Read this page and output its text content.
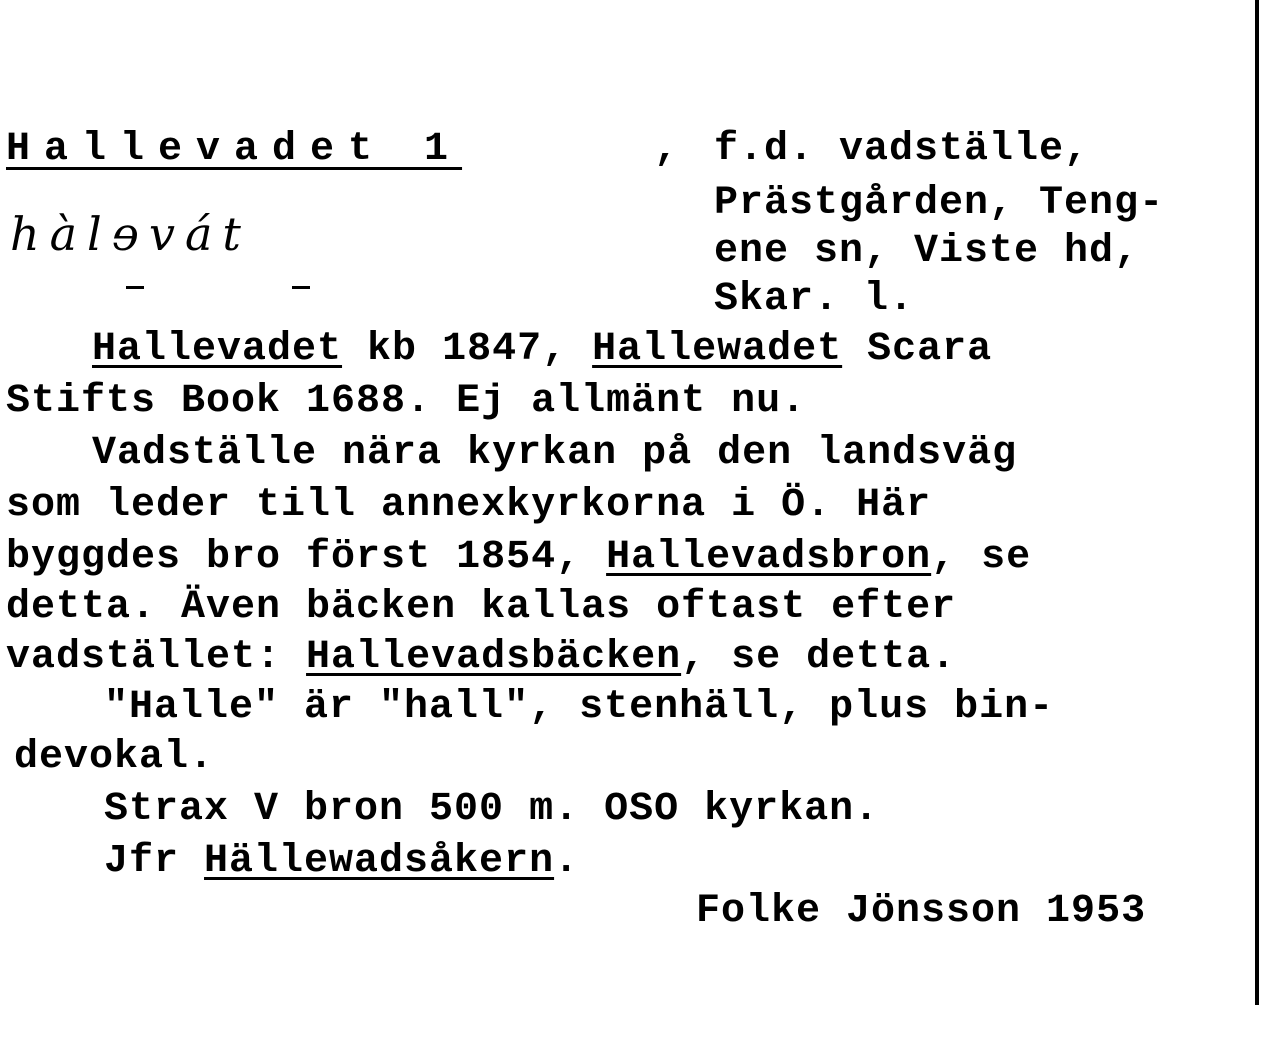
Hallevadet 1	, f.d. vadställe,
Prästgården, Teng-
ene sn, Viste hd,
Skar. l.
hàlɘvát
Hallevadet kb 1847, Hallewadet Scara
Stifts Book 1688. Ej allmänt nu.
Vadställe nära kyrkan på den landsväg
som leder till annexkyrkorna i Ö. Här
byggdes bro först 1854, Hallevadsbron, se
detta. Även bäcken kallas oftast efter
vadstället: Hallevadsbäcken, se detta.
"Halle" är "hall", stenhäll, plus bin-
devokal.
Strax V bron 500 m. OSO kyrkan.
Jfr Hällewadsåkern.
Folke Jönsson 1953
